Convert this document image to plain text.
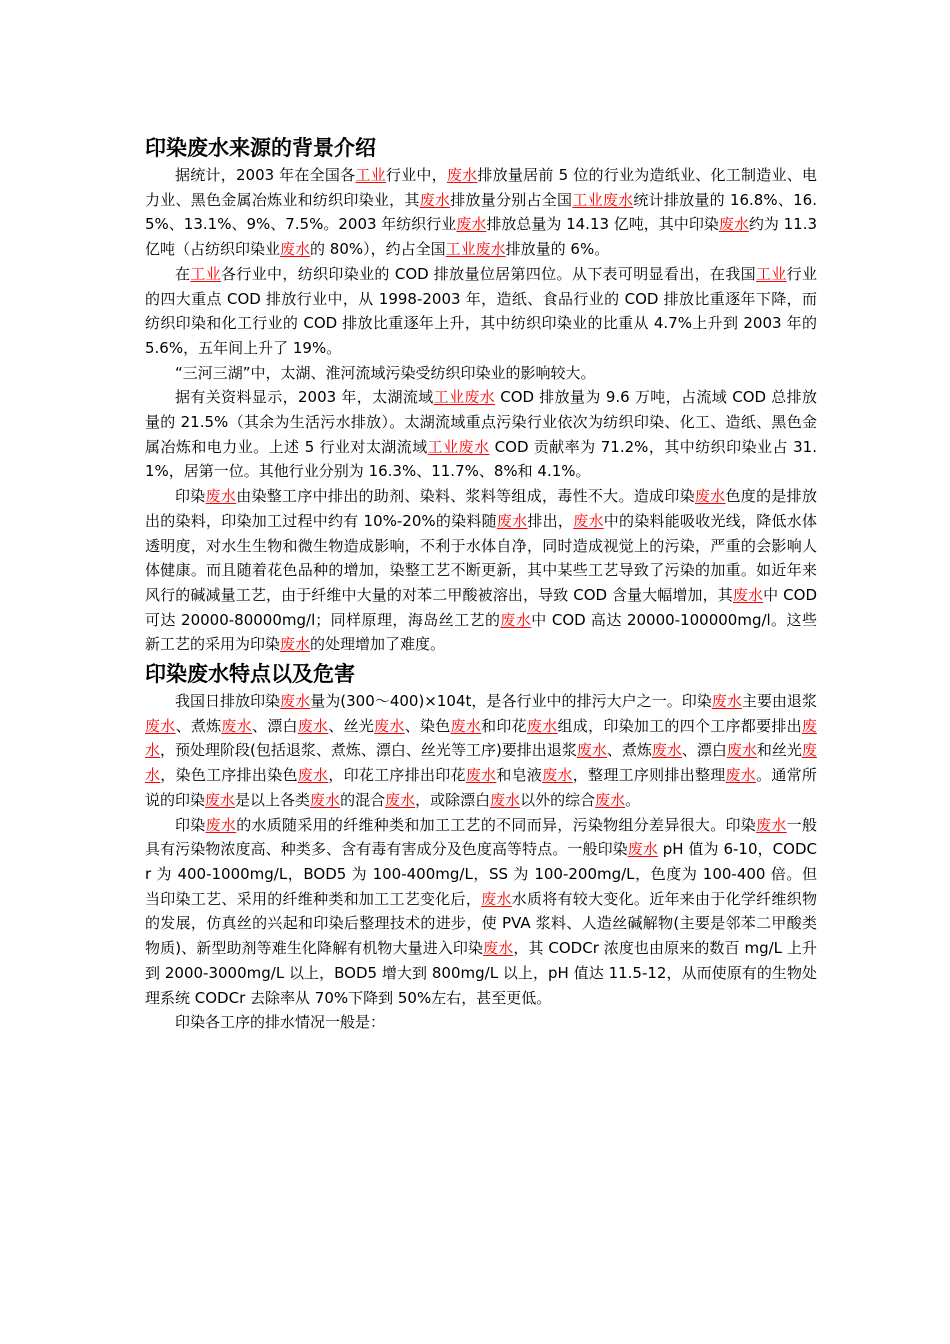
印染废水来源的背景介绍

据统计，2003 年在全国各工业行业中，废水排放量居前 5 位的行业为造纸业、化工制造业、电力业、黑色金属冶炼业和纺织印染业，其废水排放量分别占全国工业废水统计排放量的 16.8%、16.5%、13.1%、9%、7.5%。2003 年纺织行业废水排放总量为 14.13 亿吨，其中印染废水约为 11.3 亿吨（占纺织印染业废水的 80%），约占全国工业废水排放量的 6%。

在工业各行业中，纺织印染业的 COD 排放量位居第四位。从下表可明显看出，在我国工业行业的四大重点 COD 排放行业中，从 1998-2003 年，造纸、食品行业的 COD 排放比重逐年下降，而纺织印染和化工行业的 COD 排放比重逐年上升，其中纺织印染业的比重从 4.7%上升到 2003 年的 5.6%，五年间上升了 19%。

“三河三湖”中，太湖、淮河流域污染受纺织印染业的影响较大。

据有关资料显示，2003 年，太湖流域工业废水 COD 排放量为 9.6 万吨，占流域 COD 总排放量的 21.5%（其余为生活污水排放）。太湖流域重点污染行业依次为纺织印染、化工、造纸、黑色金属冶炼和电力业。上述 5 行业对太湖流域工业废水 COD 贡献率为 71.2%，其中纺织印染业占 31.1%，居第一位。其他行业分别为 16.3%、11.7%、8%和 4.1%。

印染废水由染整工序中排出的助剂、染料、浆料等组成，毒性不大。造成印染废水色度的是排放出的染料，印染加工过程中约有 10%-20%的染料随废水排出，废水中的染料能吸收光线，降低水体透明度，对水生生物和微生物造成影响，不利于水体自净，同时造成视觉上的污染，严重的会影响人体健康。而且随着花色品种的增加，染整工艺不断更新，其中某些工艺导致了污染的加重。如近年来风行的碱减量工艺，由于纤维中大量的对苯二甲酸被溶出，导致 COD 含量大幅增加，其废水中 COD 可达 20000-80000mg/l；同样原理，海岛丝工艺的废水中 COD 高达 20000-100000mg/l。这些新工艺的采用为印染废水的处理增加了难度。

印染废水特点以及危害

我国日排放印染废水量为(300～400)×104t，是各行业中的排污大户之一。印染废水主要由退浆废水、煮炼废水、漂白废水、丝光废水、染色废水和印花废水组成，印染加工的四个工序都要排出废水，预处理阶段(包括退浆、煮炼、漂白、丝光等工序)要排出退浆废水、煮炼废水、漂白废水和丝光废水，染色工序排出染色废水，印花工序排出印花废水和皂液废水，整理工序则排出整理废水。通常所说的印染废水是以上各类废水的混合废水，或除漂白废水以外的综合废水。

印染废水的水质随采用的纤维种类和加工工艺的不同而异，污染物组分差异很大。印染废水一般具有污染物浓度高、种类多、含有毒有害成分及色度高等特点。一般印染废水 pH 值为 6-10，CODCr 为 400-1000mg/L，BOD5 为 100-400mg/L，SS 为 100-200mg/L，色度为 100-400 倍。但当印染工艺、采用的纤维种类和加工工艺变化后，废水水质将有较大变化。近年来由于化学纤维织物的发展，仿真丝的兴起和印染后整理技术的进步，使 PVA 浆料、人造丝碱解物(主要是邻苯二甲酸类物质)、新型助剂等难生化降解有机物大量进入印染废水，其 CODCr 浓度也由原来的数百 mg/L 上升到 2000-3000mg/L 以上，BOD5 增大到 800mg/L 以上，pH 值达 11.5-12，从而使原有的生物处理系统 CODCr 去除率从 70%下降到 50%左右，甚至更低。

印染各工序的排水情况一般是：
